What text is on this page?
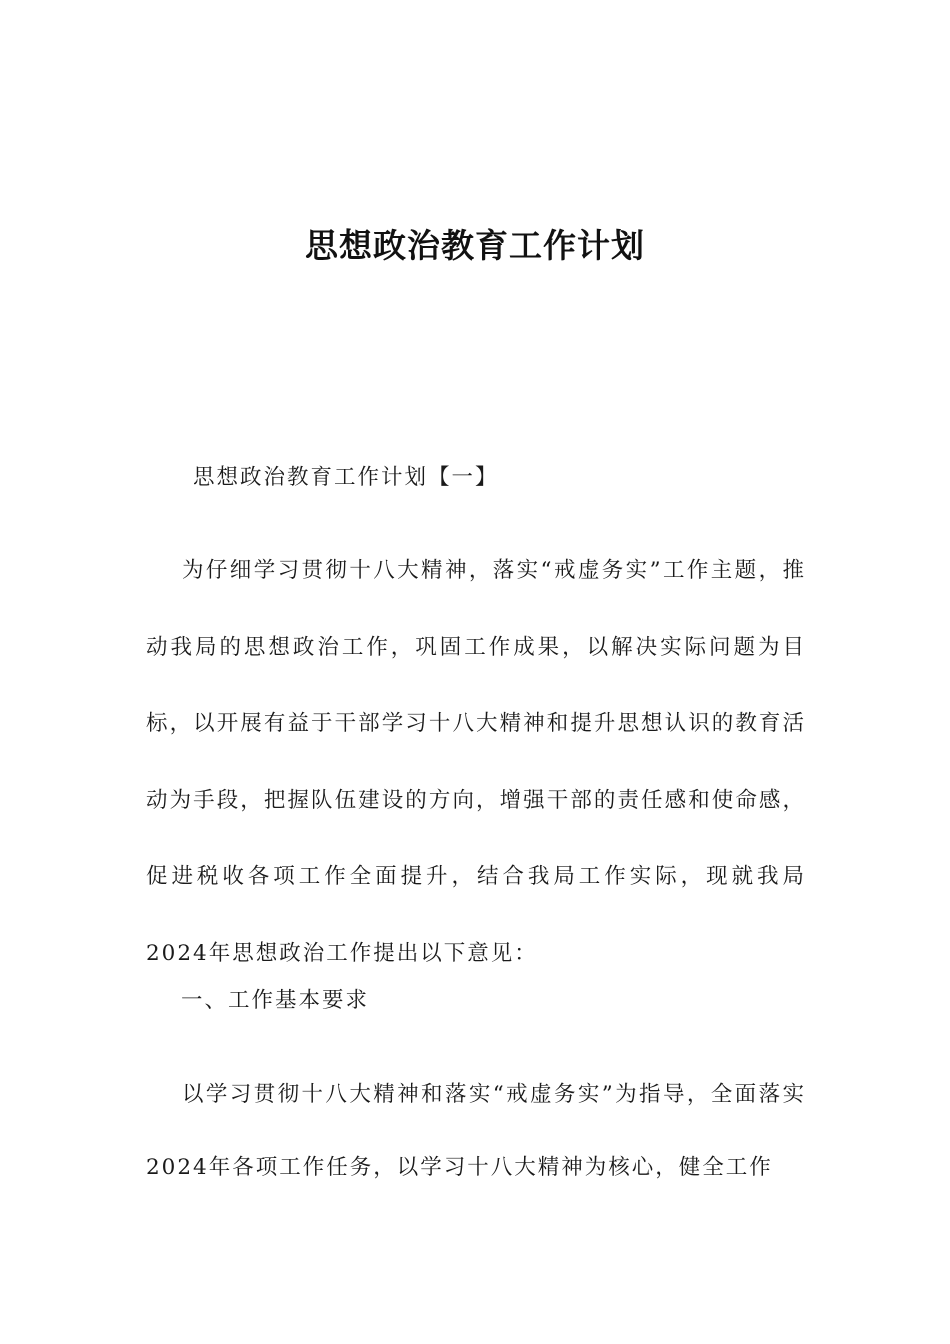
思想政治教育工作计划
思想政治教育工作计划【一】

为仔细学习贯彻十八大精神，落实“戒虚务实”工作主题，推动我局的思想政治工作，巩固工作成果，以解决实际问题为目标，以开展有益于干部学习十八大精神和提升思想认识的教育活动为手段，把握队伍建设的方向，增强干部的责任感和使命感，促进税收各项工作全面提升，结合我局工作实际，现就我局2024年思想政治工作提出以下意见：

一、工作基本要求

以学习贯彻十八大精神和落实“戒虚务实”为指导，全面落实2024年各项工作任务，以学习十八大精神为核心，健全工作
